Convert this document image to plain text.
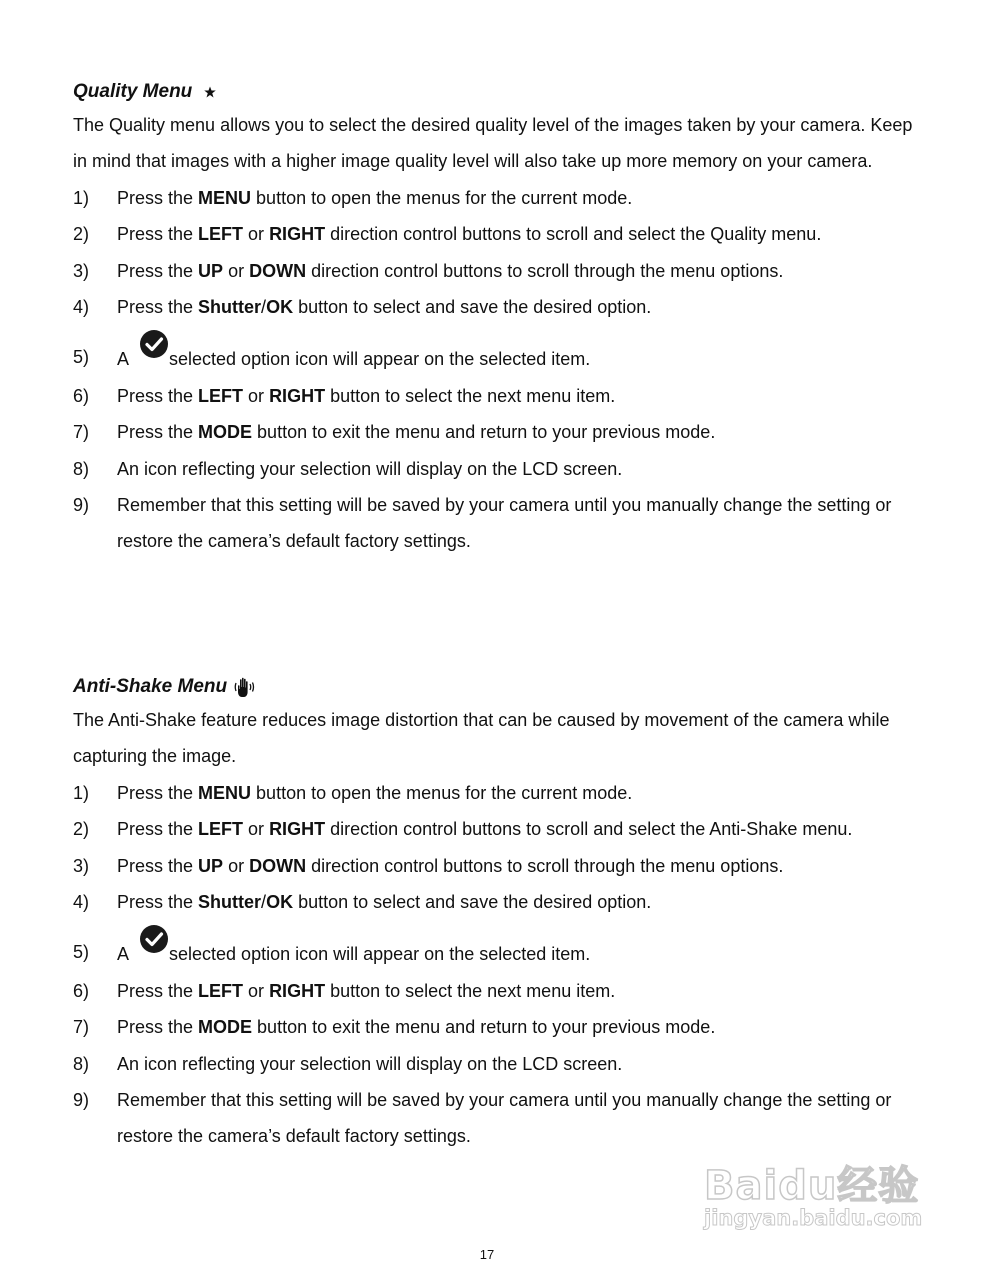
Quality Menu

The Quality menu allows you to select the desired quality level of the images taken by your camera. Keep in mind that images with a higher image quality level will also take up more memory on your camera.

1) Press the MENU button to open the menus for the current mode.
2) Press the LEFT or RIGHT direction control buttons to scroll and select the Quality menu.
3) Press the UP or DOWN direction control buttons to scroll through the menu options.
4) Press the Shutter/OK button to select and save the desired option.
5) A selected option icon will appear on the selected item.
6) Press the LEFT or RIGHT button to select the next menu item.
7) Press the MODE button to exit the menu and return to your previous mode.
8) An icon reflecting your selection will display on the LCD screen.
9) Remember that this setting will be saved by your camera until you manually change the setting or restore the camera’s default factory settings.
Anti-Shake Menu

The Anti-Shake feature reduces image distortion that can be caused by movement of the camera while capturing the image.

1) Press the MENU button to open the menus for the current mode.
2) Press the LEFT or RIGHT direction control buttons to scroll and select the Anti-Shake menu.
3) Press the UP or DOWN direction control buttons to scroll through the menu options.
4) Press the Shutter/OK button to select and save the desired option.
5) A selected option icon will appear on the selected item.
6) Press the LEFT or RIGHT button to select the next menu item.
7) Press the MODE button to exit the menu and return to your previous mode.
8) An icon reflecting your selection will display on the LCD screen.
9) Remember that this setting will be saved by your camera until you manually change the setting or restore the camera’s default factory settings.
17
Baidu经验
jingyan.baidu.com
